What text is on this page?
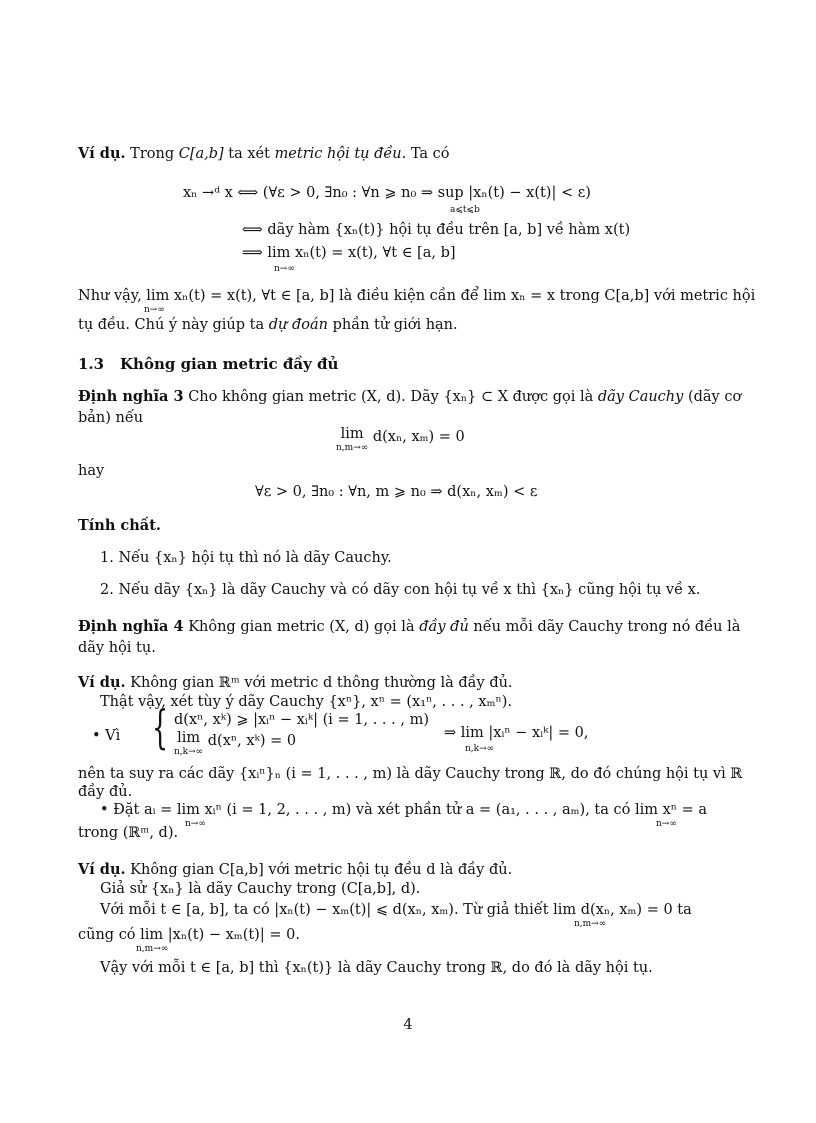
Ví dụ. Trong C[a,b] ta xét metric hội tụ đều. Ta có
xₙ →ᵈ x ⟺ (∀ε > 0, ∃n₀ : ∀n ⩾ n₀ ⇒ sup |xₙ(t) − x(t)| < ε)
a⩽t⩽b
⟺ dãy hàm {xₙ(t)} hội tụ đều trên [a, b] về hàm x(t)
⟹ lim xₙ(t) = x(t), ∀t ∈ [a, b]
n→∞
Như vậy, lim xₙ(t) = x(t), ∀t ∈ [a, b] là điều kiện cần để lim xₙ = x trong C[a,b] với metric hội
n→∞
tụ đều. Chú ý này giúp ta dự đoán phần tử giới hạn.
1.3 Không gian metric đầy đủ
Định nghĩa 3 Cho không gian metric (X, d). Dãy {xₙ} ⊂ X được gọi là dãy Cauchy (dãy cơ
bản) nếu
lim
n,m→∞
d(xₙ, xₘ) = 0
hay
∀ε > 0, ∃n₀ : ∀n, m ⩾ n₀ ⇒ d(xₙ, xₘ) < ε
Tính chất.
1. Nếu {xₙ} hội tụ thì nó là dãy Cauchy.
2. Nếu dãy {xₙ} là dãy Cauchy và có dãy con hội tụ về x thì {xₙ} cũng hội tụ về x.
Định nghĩa 4 Không gian metric (X, d) gọi là đầy đủ nếu mỗi dãy Cauchy trong nó đều là
dãy hội tụ.
Ví dụ. Không gian ℝᵐ với metric d thông thường là đầy đủ.
Thật vậy, xét tùy ý dãy Cauchy {xⁿ}, xⁿ = (x₁ⁿ, . . . , xₘⁿ).
• Vì { d(xⁿ, xᵏ) ⩾ |xᵢⁿ − xᵢᵏ| (i = 1, . . . , m)
lim
n,k→∞
d(xⁿ, xᵏ) = 0	⇒ lim |xᵢⁿ − xᵢᵏ| = 0,
n,k→∞
nên ta suy ra các dãy {xᵢⁿ}ₙ (i = 1, . . . , m) là dãy Cauchy trong ℝ, do đó chúng hội tụ vì ℝ
đầy đủ.
• Đặt aᵢ = lim xᵢⁿ (i = 1, 2, . . . , m) và xét phần tử a = (a₁, . . . , aₘ), ta có lim xⁿ = a
n→∞	n→∞
trong (ℝᵐ, d).
Ví dụ. Không gian C[a,b] với metric hội tụ đều d là đầy đủ.
Giả sử {xₙ} là dãy Cauchy trong (C[a,b], d).
Với mỗi t ∈ [a, b], ta có |xₙ(t) − xₘ(t)| ⩽ d(xₙ, xₘ). Từ giả thiết lim d(xₙ, xₘ) = 0 ta
n,m→∞
cũng có lim |xₙ(t) − xₘ(t)| = 0.
n,m→∞
Vậy với mỗi t ∈ [a, b] thì {xₙ(t)} là dãy Cauchy trong ℝ, do đó là dãy hội tụ.
4
